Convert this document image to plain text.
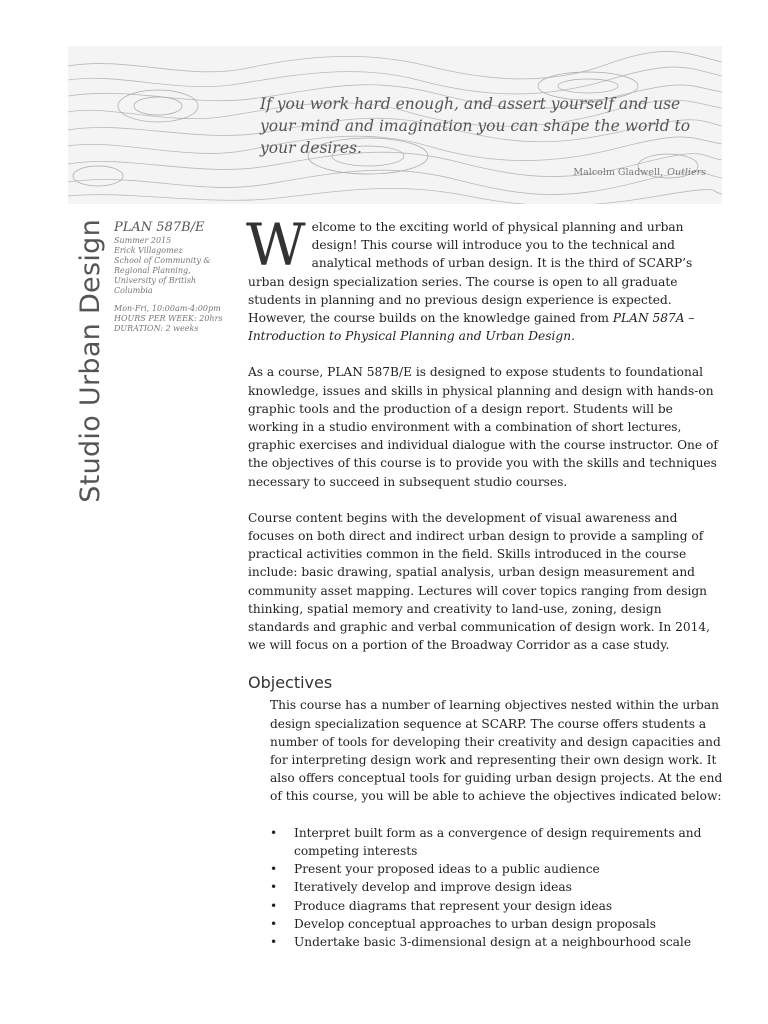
If you work hard enough, and assert yourself and use your mind and imagination you can shape the world to your desires.
Malcolm Gladwell, Outliers
Studio Urban Design PLAN 587B/E
Summer 2015
Erick Villagomez
School of Community & Regional Planning, University of British Columbia
Mon-Fri, 10:00am-4:00pm
HOURS PER WEEK: 20hrs
DURATION: 2 weeks

Welcome to the exciting world of physical planning and urban design! This course will introduce you to the technical and analytical methods of urban design. It is the third of SCARP’s urban design specialization series. The course is open to all graduate students in planning and no previous design experience is expected. However, the course builds on the knowledge gained from PLAN 587A – Introduction to Physical Planning and Urban Design.

As a course, PLAN 587B/E is designed to expose students to foundational knowledge, issues and skills in physical planning and design with hands-on graphic tools and the production of a design report. Students will be working in a studio environment with a combination of short lectures, graphic exercises and individual dialogue with the course instructor. One of the objectives of this course is to provide you with the skills and techniques necessary to succeed in subsequent studio courses.

Course content begins with the development of visual awareness and focuses on both direct and indirect urban design to provide a sampling of practical activities common in the field. Skills introduced in the course include: basic drawing, spatial analysis, urban design measurement and community asset mapping. Lectures will cover topics ranging from design thinking, spatial memory and creativity to land-use, zoning, design standards and graphic and verbal communication of design work. In 2014, we will focus on a portion of the Broadway Corridor as a case study.

Objectives

This course has a number of learning objectives nested within the urban design specialization sequence at SCARP. The course offers students a number of tools for developing their creativity and design capacities and for interpreting design work and representing their own design work. It also offers conceptual tools for guiding urban design projects. At the end of this course, you will be able to achieve the objectives indicated below:

• Interpret built form as a convergence of design requirements and competing interests
• Present your proposed ideas to a public audience
• Iteratively develop and improve design ideas
• Produce diagrams that represent your design ideas
• Develop conceptual approaches to urban design proposals
• Undertake basic 3-dimensional design at a neighbourhood scale
